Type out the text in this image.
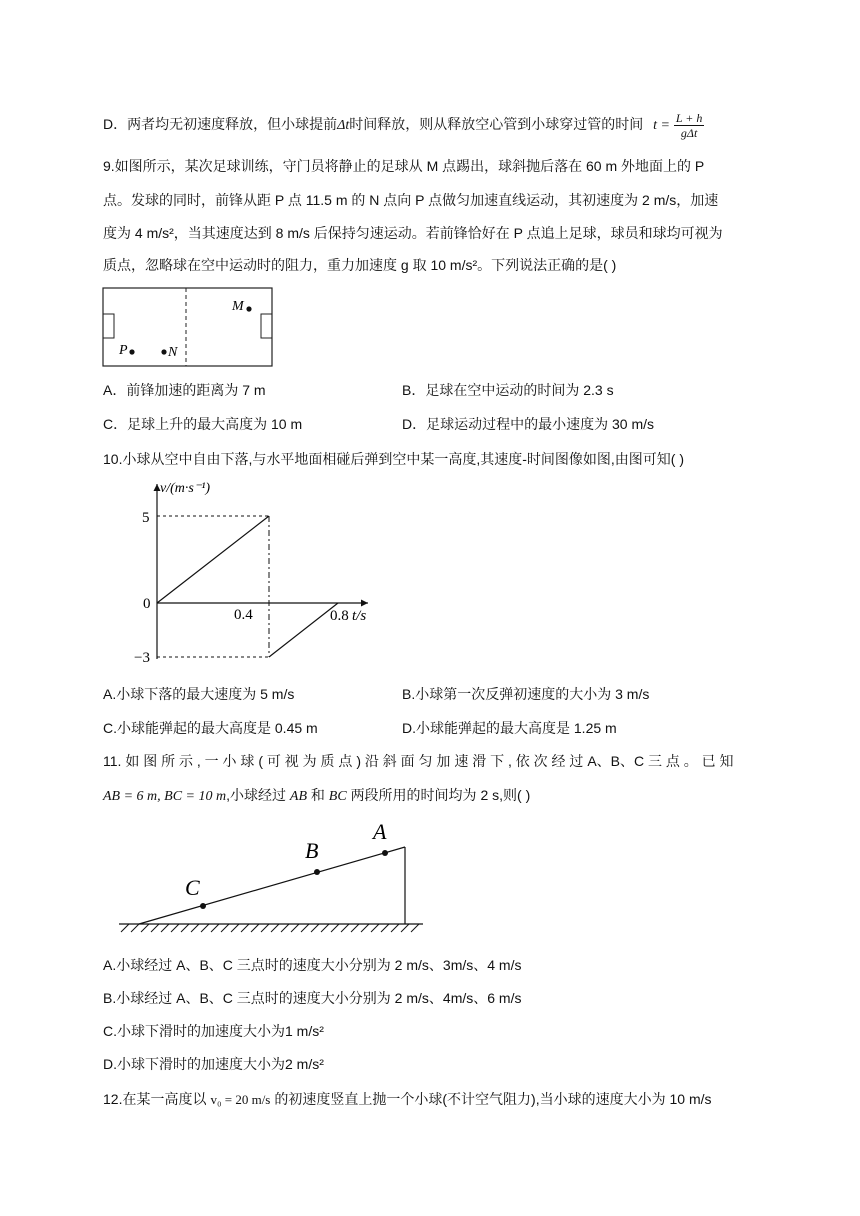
D．两者均无初速度释放，但小球提前Δt时间释放，则从释放空心管到小球穿过管的时间 $t = \frac{L + h}{\text{gΔt}}$
9.如图所示，某次足球训练，守门员将静止的足球从 M 点踢出，球斜抛后落在 60 m 外地面上的 P
点。发球的同时，前锋从距 P 点 11.5 m 的 N 点向 P 点做匀加速直线运动，其初速度为 2 m/s，加速
度为 4 m/s²，当其速度达到 8 m/s 后保持匀速运动。若前锋恰好在 P 点追上足球，球员和球均可视为
质点，忽略球在空中运动时的阻力，重力加速度 g 取 10 m/s²。下列说法正确的是( )
M
P	N
A．前锋加速的距离为 7 m	B．足球在空中运动的时间为 2.3 s
C．足球上升的最大高度为 10 m	D．足球运动过程中的最小速度为 30 m/s
10.小球从空中自由下落,与水平地面相碰后弹到空中某一高度,其速度-时间图像如图,由图可知( )
v/(m·s⁻¹)
t/s
5
0
−3
0.4	0.8
A.小球下落的最大速度为 5 m/s	B.小球第一次反弹初速度的大小为 3 m/s
C.小球能弹起的最大高度是 0.45 m	D.小球能弹起的最大高度是 1.25 m
11. 如 图 所 示 , 一 小 球 ( 可 视 为 质 点 ) 沿 斜 面 匀 加 速 滑 下 , 依 次 经 过 A、B、C 三 点 。 已 知
AB = 6 m, BC = 10 m,小球经过 AB 和 BC 两段所用的时间均为 2 s,则( )
C
B
A
A.小球经过 A、B、C 三点时的速度大小分别为 2 m/s、3m/s、4 m/s
B.小球经过 A、B、C 三点时的速度大小分别为 2 m/s、4m/s、6 m/s
C.小球下滑时的加速度大小为1 m/s²
D.小球下滑时的加速度大小为2 m/s²
12.在某一高度以 v₀ = 20 m/s 的初速度竖直上抛一个小球(不计空气阻力),当小球的速度大小为 10 m/s
